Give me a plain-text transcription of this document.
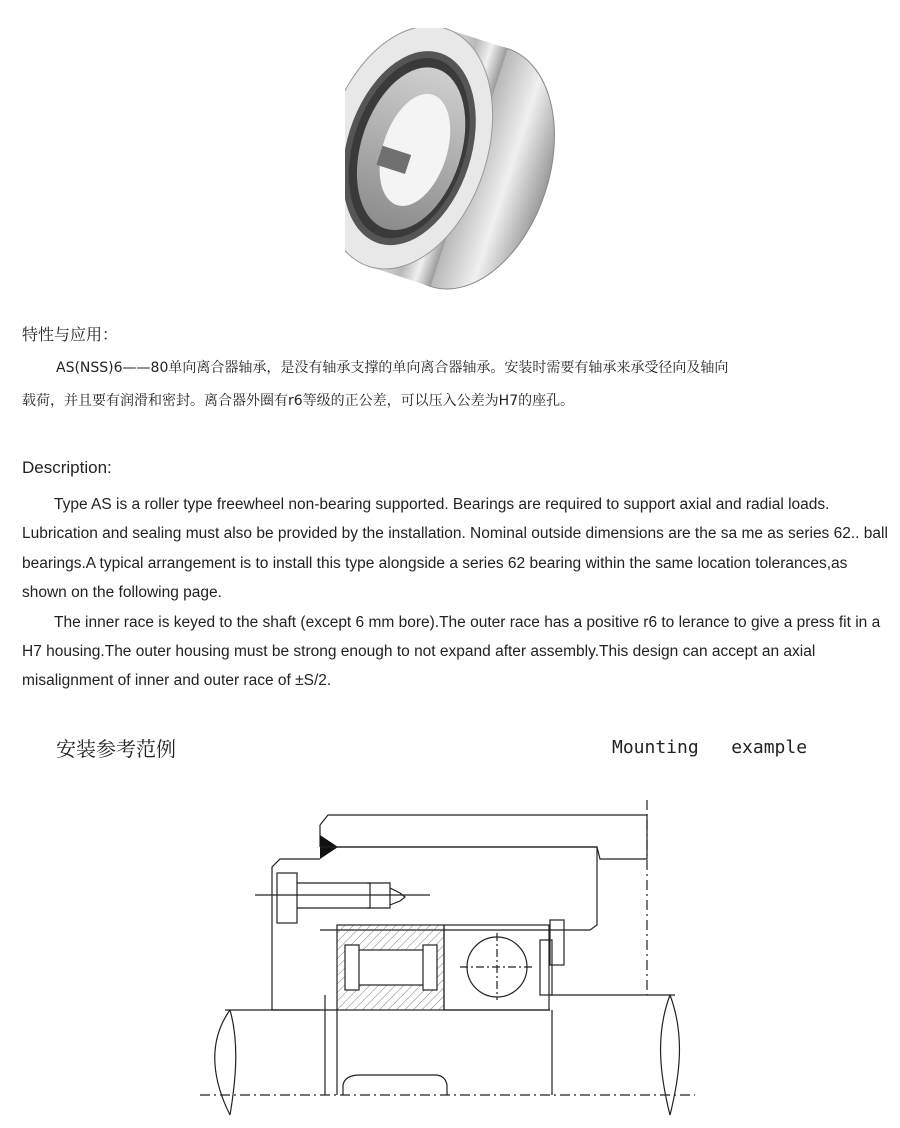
特性与应用：
AS(NSS)6——80单向离合器轴承，是没有轴承支撑的单向离合器轴承。安装时需要有轴承来承受径向及轴向
载荷，并且要有润滑和密封。离合器外圈有r6等级的正公差，可以压入公差为H7的座孔。
Description:

Type AS is a roller type freewheel non-bearing supported. Bearings are required to support axial and radial loads. Lubrication and sealing must also be provided by the installation. Nominal outside dimensions are the sa me as series 62.. ball bearings.A typical arrangement is to install this type alongside a series 62 bearing within the same location tolerances,as shown on the following page.

The inner race is keyed to the shaft (except 6 mm bore).The outer race has a positive r6 to lerance to give a press fit in a H7 housing.The outer housing must be strong enough to not expand after assembly.This design can accept an axial misalignment of inner and outer race of ±S/2.

安装参考范例	Mounting   example
